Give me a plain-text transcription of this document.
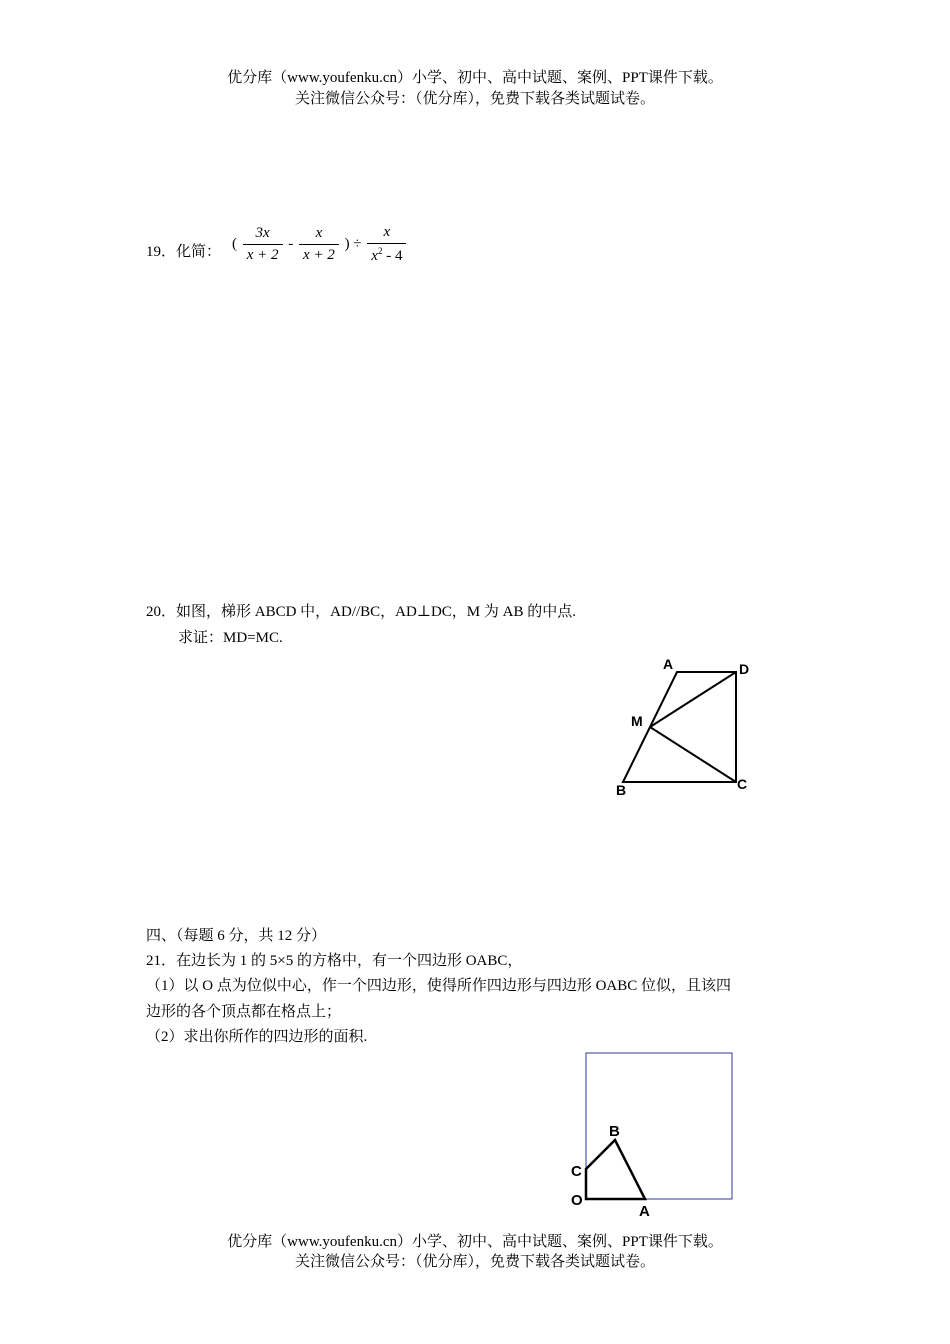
优分库（www.youfenku.cn）小学、初中、高中试题、案例、PPT课件下载。
关注微信公众号：（优分库），免费下载各类试题试卷。
19．化简：
( $\frac{3x}{x + 2} - \frac{x}{x + 2}$ ) ÷ $\frac{x}{x^2 - 4}$
20．如图，梯形 ABCD 中，AD//BC，AD⊥DC，M 为 AB 的中点.
求证：MD=MC.
A	D
M
B	C
四、（每题 6 分，共 12 分）
21．在边长为 1 的 5×5 的方格中，有一个四边形 OABC，
（1）以 O 点为位似中心，作一个四边形，使得所作四边形与四边形 OABC 位似，且该四
边形的各个顶点都在格点上；
（2）求出你所作的四边形的面积.
B
C
O
A
优分库（www.youfenku.cn）小学、初中、高中试题、案例、PPT课件下载。
关注微信公众号：（优分库），免费下载各类试题试卷。
